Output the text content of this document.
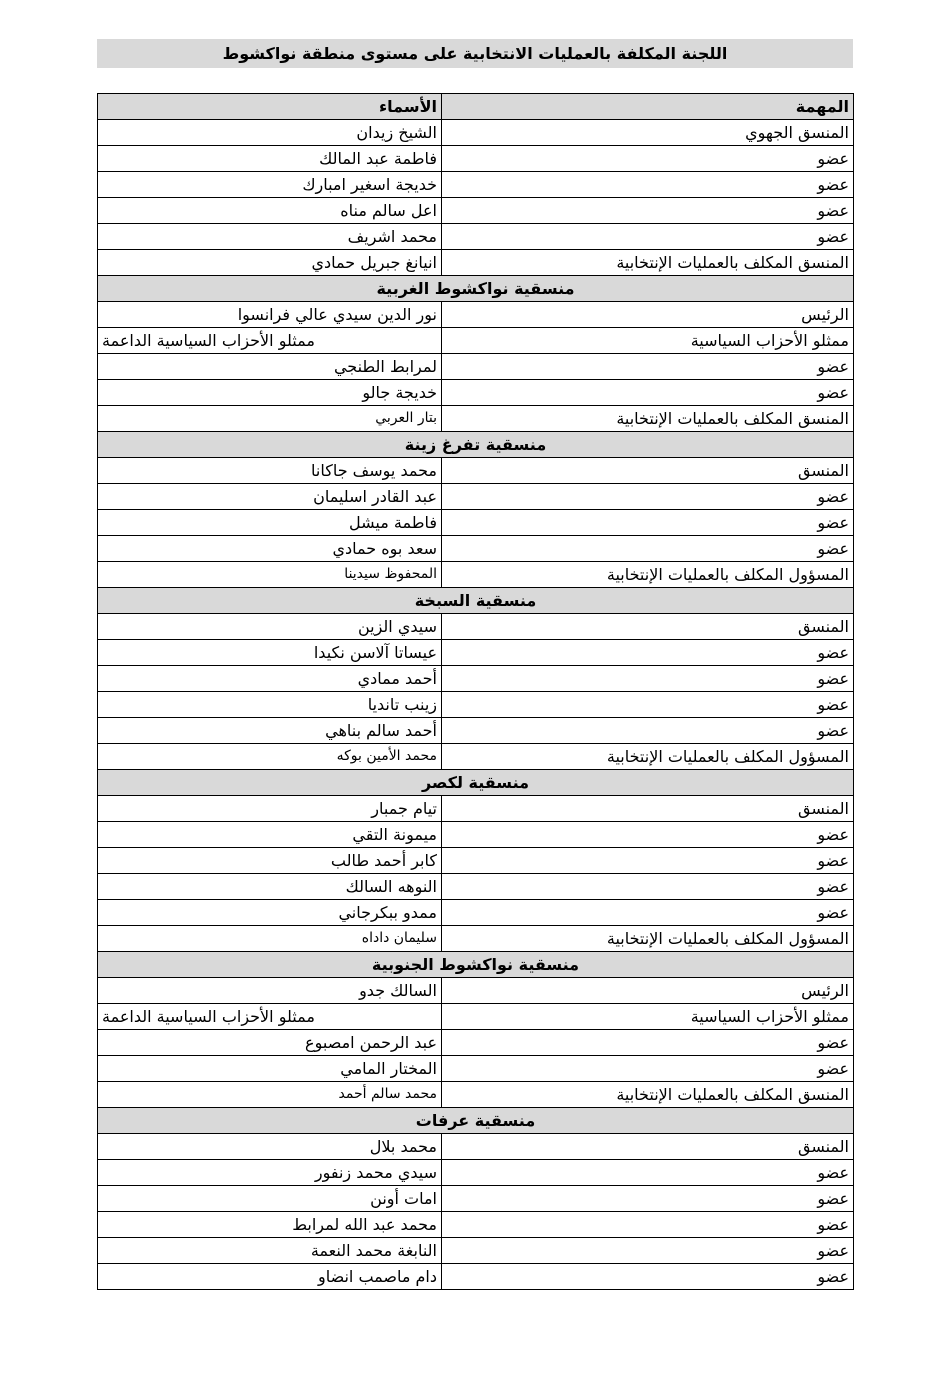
اللجنة المكلفة بالعمليات الانتخابية على مستوى منطقة نواكشوط
المهمة	الأسماء
المنسق الجهوي	الشيخ زيدان
عضو	فاطمة عبد المالك
عضو	خديجة اسغير امبارك
عضو	اعل سالم مناه
عضو	محمد اشريف
المنسق المكلف بالعمليات الإنتخابية	انيانغ جبريل حمادي
منسقية نواكشوط الغربية	
الرئيس	نور الدين سيدي عالي فرانسوا
ممثلو الأحزاب السياسية	ممثلو الأحزاب السياسية الداعمة
عضو	لمرابط الطنجي
عضو	خديجة جالو
المنسق المكلف بالعمليات الإنتخابية	بتار العربي
منسقية تفرغ زينة	
المنسق	محمد يوسف جاكانا
عضو	عبد القادر اسليمان
عضو	فاطمة ميشل
عضو	سعد بوه حمادي
المسؤول المكلف بالعمليات الإنتخابية	المحفوظ سيدينا
منسقية السبخة	
المنسق	سيدي الزين
عضو	عيساتا آلاسن نكيدا
عضو	أحمد ممادي
عضو	زينب تانديا
عضو	أحمد سالم بناهي
المسؤول المكلف بالعمليات الإنتخابية	محمد الأمين بوكه
منسقية لكصر	
المنسق	تيام جمبار
عضو	ميمونة التقي
عضو	كابر أحمد طالب
عضو	النوهه السالك
عضو	ممدو ببكرجاني
المسؤول المكلف بالعمليات الإنتخابية	سليمان داداه
منسقية نواكشوط الجنوبية	
الرئيس	السالك جدو
ممثلو الأحزاب السياسية	ممثلو الأحزاب السياسية الداعمة
عضو	عبد الرحمن امصبوع
عضو	المختار المامي
المنسق المكلف بالعمليات الإنتخابية	محمد سالم أحمد
منسقية عرفات	
المنسق	محمد بلال
عضو	سيدي محمد زنفور
عضو	امات أونن
عضو	محمد عبد الله لمرابط
عضو	النابغة محمد النعمة
عضو	دام ماصمب انضاو
